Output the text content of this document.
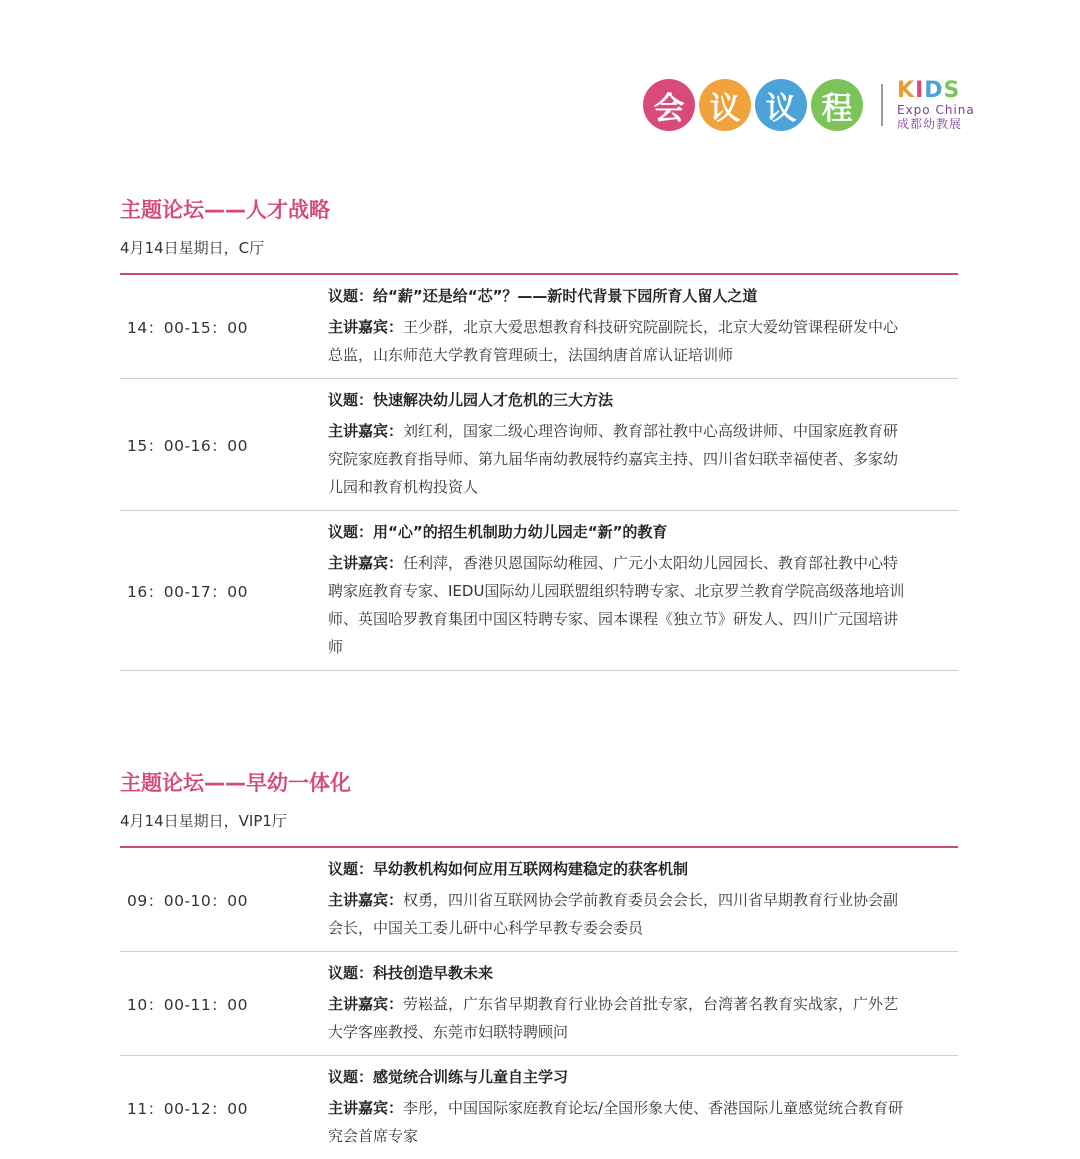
会 议 议 程	KIDS
Expo China
成都幼教展
主题论坛——人才战略
4月14日星期日，C厅
14：00-15：00
议题：给“薪”还是给“芯”？——新时代背景下园所育人留人之道
主讲嘉宾：王少群，北京大爱思想教育科技研究院副院长，北京大爱幼管课程研发中心总监，山东师范大学教育管理硕士，法国纳唐首席认证培训师
15：00-16：00
议题：快速解决幼儿园人才危机的三大方法
主讲嘉宾：刘红利，国家二级心理咨询师、教育部社教中心高级讲师、中国家庭教育研究院家庭教育指导师、第九届华南幼教展特约嘉宾主持、四川省妇联幸福使者、多家幼儿园和教育机构投资人
16：00-17：00
议题：用“心”的招生机制助力幼儿园走“新”的教育
主讲嘉宾：任利萍，香港贝恩国际幼稚园、广元小太阳幼儿园园长、教育部社教中心特聘家庭教育专家、IEDU国际幼儿园联盟组织特聘专家、北京罗兰教育学院高级落地培训师、英国哈罗教育集团中国区特聘专家、园本课程《独立节》研发人、四川广元国培讲师
主题论坛——早幼一体化
4月14日星期日，VIP1厅
09：00-10：00
议题：早幼教机构如何应用互联网构建稳定的获客机制
主讲嘉宾：权勇，四川省互联网协会学前教育委员会会长，四川省早期教育行业协会副会长，中国关工委儿研中心科学早教专委会委员
10：00-11：00
议题：科技创造早教未来
主讲嘉宾：劳崧益，广东省早期教育行业协会首批专家，台湾著名教育实战家，广外艺大学客座教授、东莞市妇联特聘顾问
11：00-12：00
议题：感觉统合训练与儿童自主学习
主讲嘉宾：李彤，中国国际家庭教育论坛/全国形象大使、香港国际儿童感觉统合教育研究会首席专家
